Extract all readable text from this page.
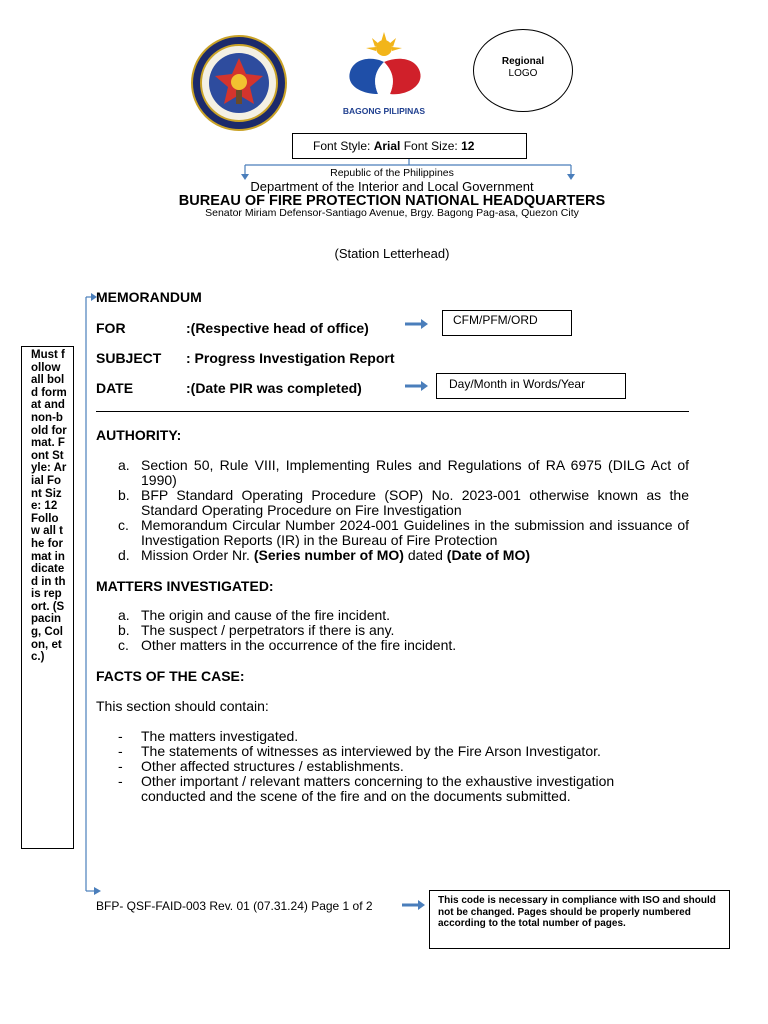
BAGONG PILIPINAS
Regional
LOGO
Font Style: Arial Font Size: 12
Republic of the Philippines
Department of the Interior and Local Government
BUREAU OF FIRE PROTECTION NATIONAL HEADQUARTERS
Senator Miriam Defensor-Santiago Avenue, Brgy. Bagong Pag-asa, Quezon City
(Station Letterhead)
Must follow all bold format and non-bold format. Font Style: Arial Font Size: 12 Follow all the format indicated in this report. (Spacing, Colon, etc.)
MEMORANDUM
FOR	:(Respective head of office)	CFM/PFM/ORD
SUBJECT : Progress Investigation Report
DATE	:(Date PIR was completed)	Day/Month in Words/Year
AUTHORITY:
a. Section 50, Rule VIII, Implementing Rules and Regulations of RA 6975 (DILG Act of 1990)
b. BFP Standard Operating Procedure (SOP) No. 2023-001 otherwise known as the Standard Operating Procedure on Fire Investigation
c. Memorandum Circular Number 2024-001 Guidelines in the submission and issuance of Investigation Reports (IR) in the Bureau of Fire Protection
d. Mission Order Nr. (Series number of MO) dated (Date of MO)
MATTERS INVESTIGATED:
a. The origin and cause of the fire incident.
b. The suspect / perpetrators if there is any.
c. Other matters in the occurrence of the fire incident.
FACTS OF THE CASE:
This section should contain:
- The matters investigated.
- The statements of witnesses as interviewed by the Fire Arson Investigator.
- Other affected structures / establishments.
- Other important / relevant matters concerning to the exhaustive investigation conducted and the scene of the fire and on the documents submitted.
BFP- QSF-FAID-003 Rev. 01 (07.31.24) Page 1 of 2	This code is necessary in compliance with ISO and should not be changed. Pages should be properly numbered according to the total number of pages.
